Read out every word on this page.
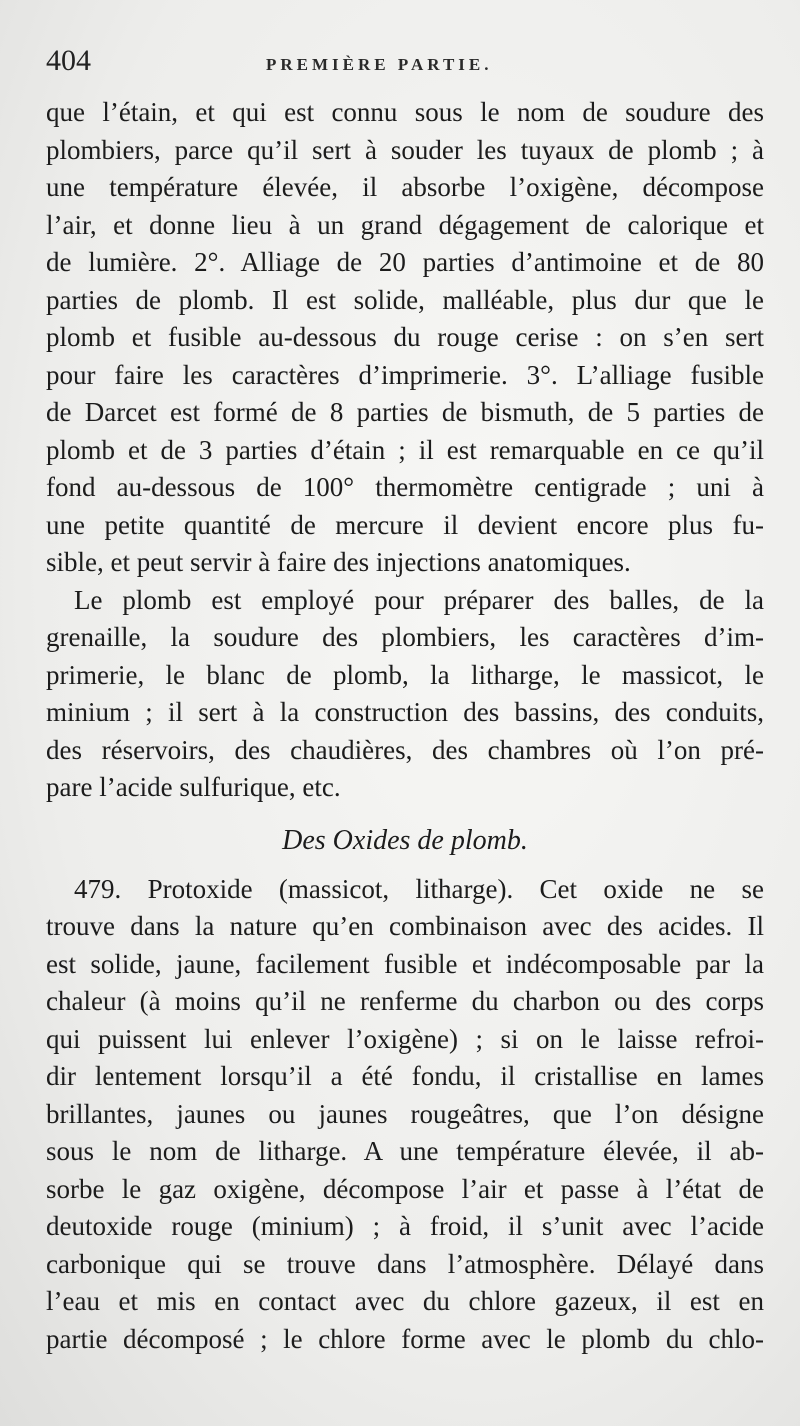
404	PREMIÈRE PARTIE.
que l’étain, et qui est connu sous le nom de soudure des
plombiers, parce qu’il sert à souder les tuyaux de plomb ; à
une température élevée, il absorbe l’oxigène, décompose
l’air, et donne lieu à un grand dégagement de calorique et
de lumière. 2°. Alliage de 20 parties d’antimoine et de 80
parties de plomb. Il est solide, malléable, plus dur que le
plomb et fusible au-dessous du rouge cerise : on s’en sert
pour faire les caractères d’imprimerie. 3°. L’alliage fusible
de Darcet est formé de 8 parties de bismuth, de 5 parties de
plomb et de 3 parties d’étain ; il est remarquable en ce qu’il
fond au-dessous de 100° thermomètre centigrade ; uni à
une petite quantité de mercure il devient encore plus fu-
sible, et peut servir à faire des injections anatomiques.
Le plomb est employé pour préparer des balles, de la
grenaille, la soudure des plombiers, les caractères d’im-
primerie, le blanc de plomb, la litharge, le massicot, le
minium ; il sert à la construction des bassins, des conduits,
des réservoirs, des chaudières, des chambres où l’on pré-
pare l’acide sulfurique, etc.
Des Oxides de plomb.
479. Protoxide (massicot, litharge). Cet oxide ne se
trouve dans la nature qu’en combinaison avec des acides. Il
est solide, jaune, facilement fusible et indécomposable par la
chaleur (à moins qu’il ne renferme du charbon ou des corps
qui puissent lui enlever l’oxigène) ; si on le laisse refroi-
dir lentement lorsqu’il a été fondu, il cristallise en lames
brillantes, jaunes ou jaunes rougeâtres, que l’on désigne
sous le nom de litharge. A une température élevée, il ab-
sorbe le gaz oxigène, décompose l’air et passe à l’état de
deutoxide rouge (minium) ; à froid, il s’unit avec l’acide
carbonique qui se trouve dans l’atmosphère. Délayé dans
l’eau et mis en contact avec du chlore gazeux, il est en
partie décomposé ; le chlore forme avec le plomb du chlo-
